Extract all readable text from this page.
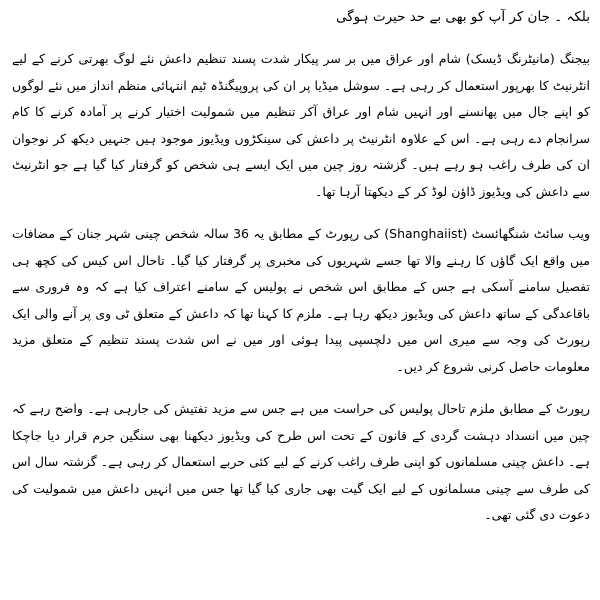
بلکہ ۔ جان کر آپ کو بھی بے حد حیرت ہوگی

بیجنگ (مانیٹرنگ ڈیسک) شام اور عراق میں بر سر پیکار شدت پسند تنظیم داعش نئے لوگ بھرتی کرنے کے لیے انٹرنیٹ کا بھرپور استعمال کر رہی ہے۔ سوشل میڈیا پر ان کی پروپیگنڈہ ٹیم انتہائی منظم انداز میں نئے لوگوں کو اپنے جال میں پھانسنے اور انہیں شام اور عراق آکر تنظیم میں شمولیت اختیار کرنے پر آمادہ کرنے کا کام سرانجام دے رہی ہے۔ اس کے علاوہ انٹرنیٹ پر داعش کی سینکڑوں ویڈیوز موجود ہیں جنہیں دیکھ کر نوجوان ان کی طرف راغب ہو رہے ہیں۔ گزشتہ روز چین میں ایک ایسے ہی شخص کو گرفتار کیا گیا ہے جو انٹرنیٹ سے داعش کی ویڈیوز ڈاؤن لوڈ کر کے دیکھتا آرہا تھا۔

ویب سائٹ شنگھائسٹ (Shanghaiist) کی رپورٹ کے مطابق یہ 36 سالہ شخص چینی شہر جنان کے مضافات میں واقع ایک گاؤں کا رہنے والا تھا جسے شہریوں کی مخبری پر گرفتار کیا گیا۔ تاحال اس کیس کی کچھ ہی تفصیل سامنے آسکی ہے جس کے مطابق اس شخص نے پولیس کے سامنے اعتراف کیا ہے کہ وہ فروری سے باقاعدگی کے ساتھ داعش کی ویڈیوز دیکھ رہا ہے۔ ملزم کا کہنا تھا کہ داعش کے متعلق ٹی وی پر آنے والی ایک رپورٹ کی وجہ سے میری اس میں دلچسپی پیدا ہوئی اور میں نے اس شدت پسند تنظیم کے متعلق مزید معلومات حاصل کرنی شروع کر دیں۔

رپورٹ کے مطابق ملزم تاحال پولیس کی حراست میں ہے جس سے مزید تفتیش کی جارہی ہے۔ واضح رہے کہ چین میں انسداد دہشت گردی کے قانون کے تحت اس طرح کی ویڈیوز دیکھنا بھی سنگین جرم قرار دیا جاچکا ہے۔ داعش چینی مسلمانوں کو اپنی طرف راغب کرنے کے لیے کئی حربے استعمال کر رہی ہے۔ گزشتہ سال اس کی طرف سے چینی مسلمانوں کے لیے ایک گیت بھی جاری کیا گیا تھا جس میں انہیں داعش میں شمولیت کی دعوت دی گئی تھی۔
